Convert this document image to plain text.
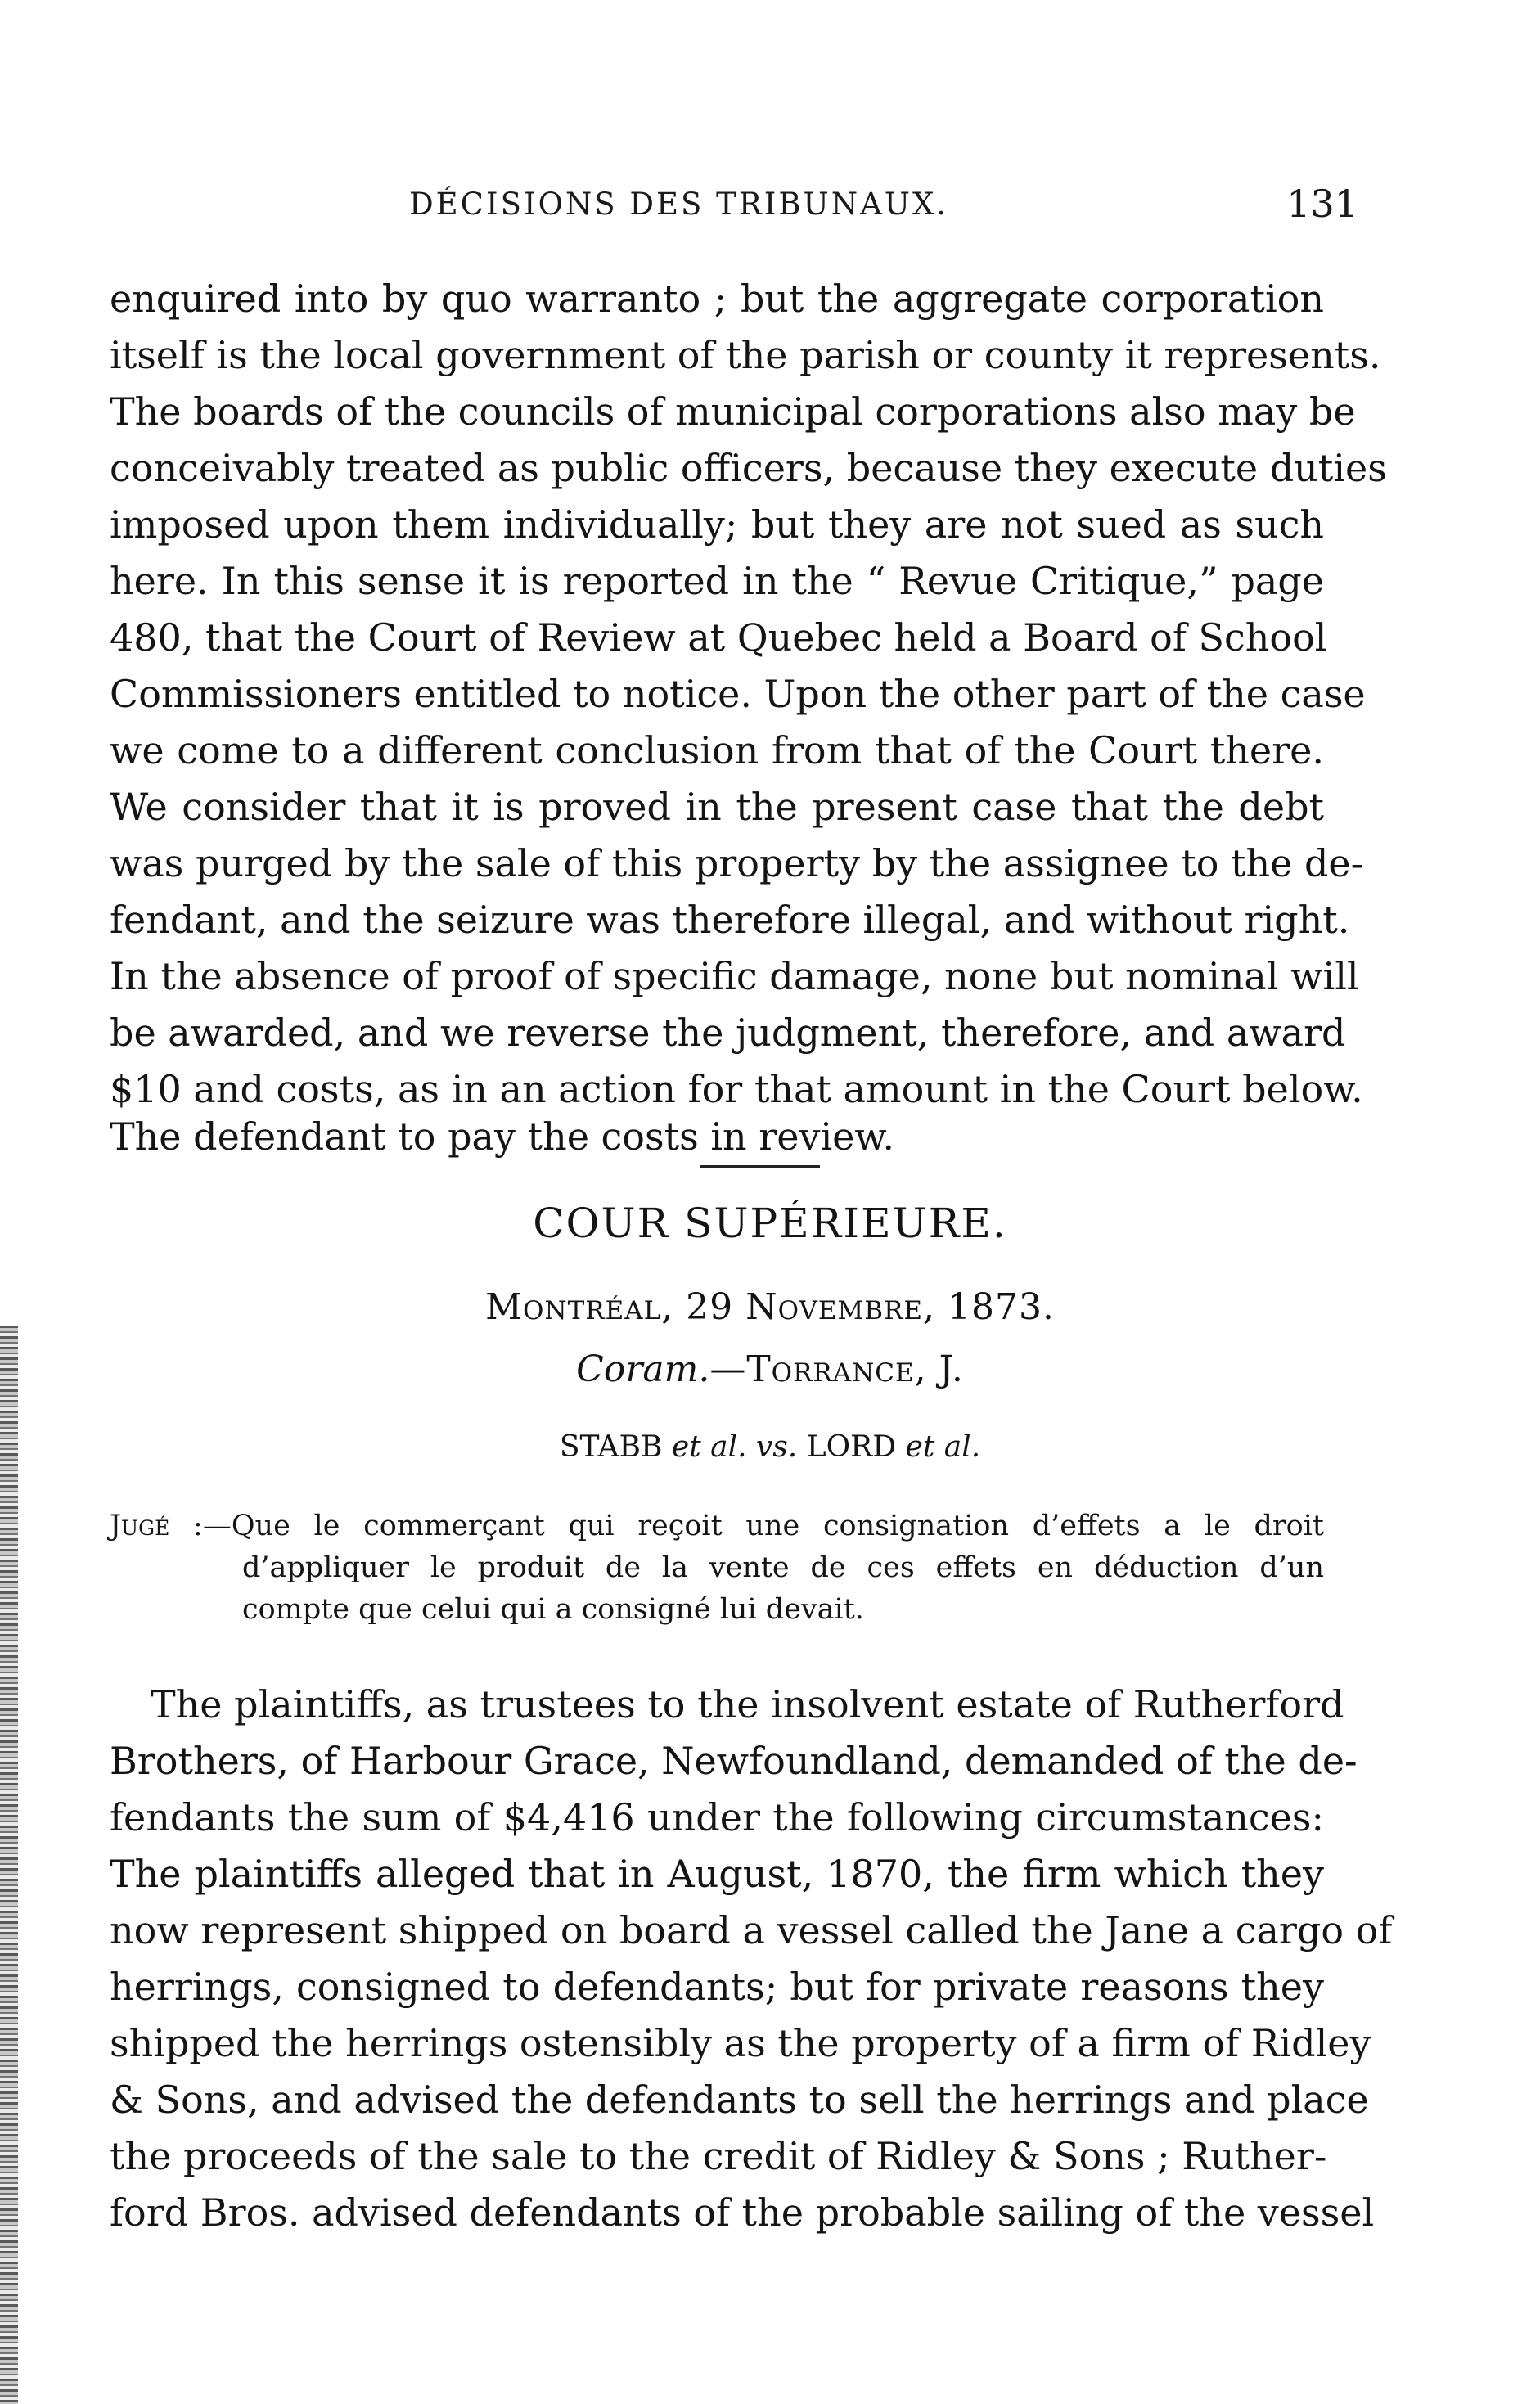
DÉCISIONS DES TRIBUNAUX.	131
enquired into by quo warranto ; but the aggregate corporation
itself is the local government of the parish or county it represents.
The boards of the councils of municipal corporations also may be
conceivably treated as public officers, because they execute duties
imposed upon them individually; but they are not sued as such
here. In this sense it is reported in the “ Revue Critique,” page
480, that the Court of Review at Quebec held a Board of School
Commissioners entitled to notice. Upon the other part of the case
we come to a different conclusion from that of the Court there.
We consider that it is proved in the present case that the debt
was purged by the sale of this property by the assignee to the de-
fendant, and the seizure was therefore illegal, and without right.
In the absence of proof of specific damage, none but nominal will
be awarded, and we reverse the judgment, therefore, and award
$10 and costs, as in an action for that amount in the Court below.
The defendant to pay the costs in review.
COUR SUPÉRIEURE.
Montréal, 29 Novembre, 1873.
Coram.—Torrance, J.
STABB et al. vs. LORD et al.
Jugé :—Que le commerçant qui reçoit une consignation d’effets a le droit
d’appliquer le produit de la vente de ces effets en déduction d’un
compte que celui qui a consigné lui devait.
The plaintiffs, as trustees to the insolvent estate of Rutherford
Brothers, of Harbour Grace, Newfoundland, demanded of the de-
fendants the sum of $4,416 under the following circumstances:
The plaintiffs alleged that in August, 1870, the firm which they
now represent shipped on board a vessel called the Jane a cargo of
herrings, consigned to defendants; but for private reasons they
shipped the herrings ostensibly as the property of a firm of Ridley
& Sons, and advised the defendants to sell the herrings and place
the proceeds of the sale to the credit of Ridley & Sons ; Ruther-
ford Bros. advised defendants of the probable sailing of the vessel
